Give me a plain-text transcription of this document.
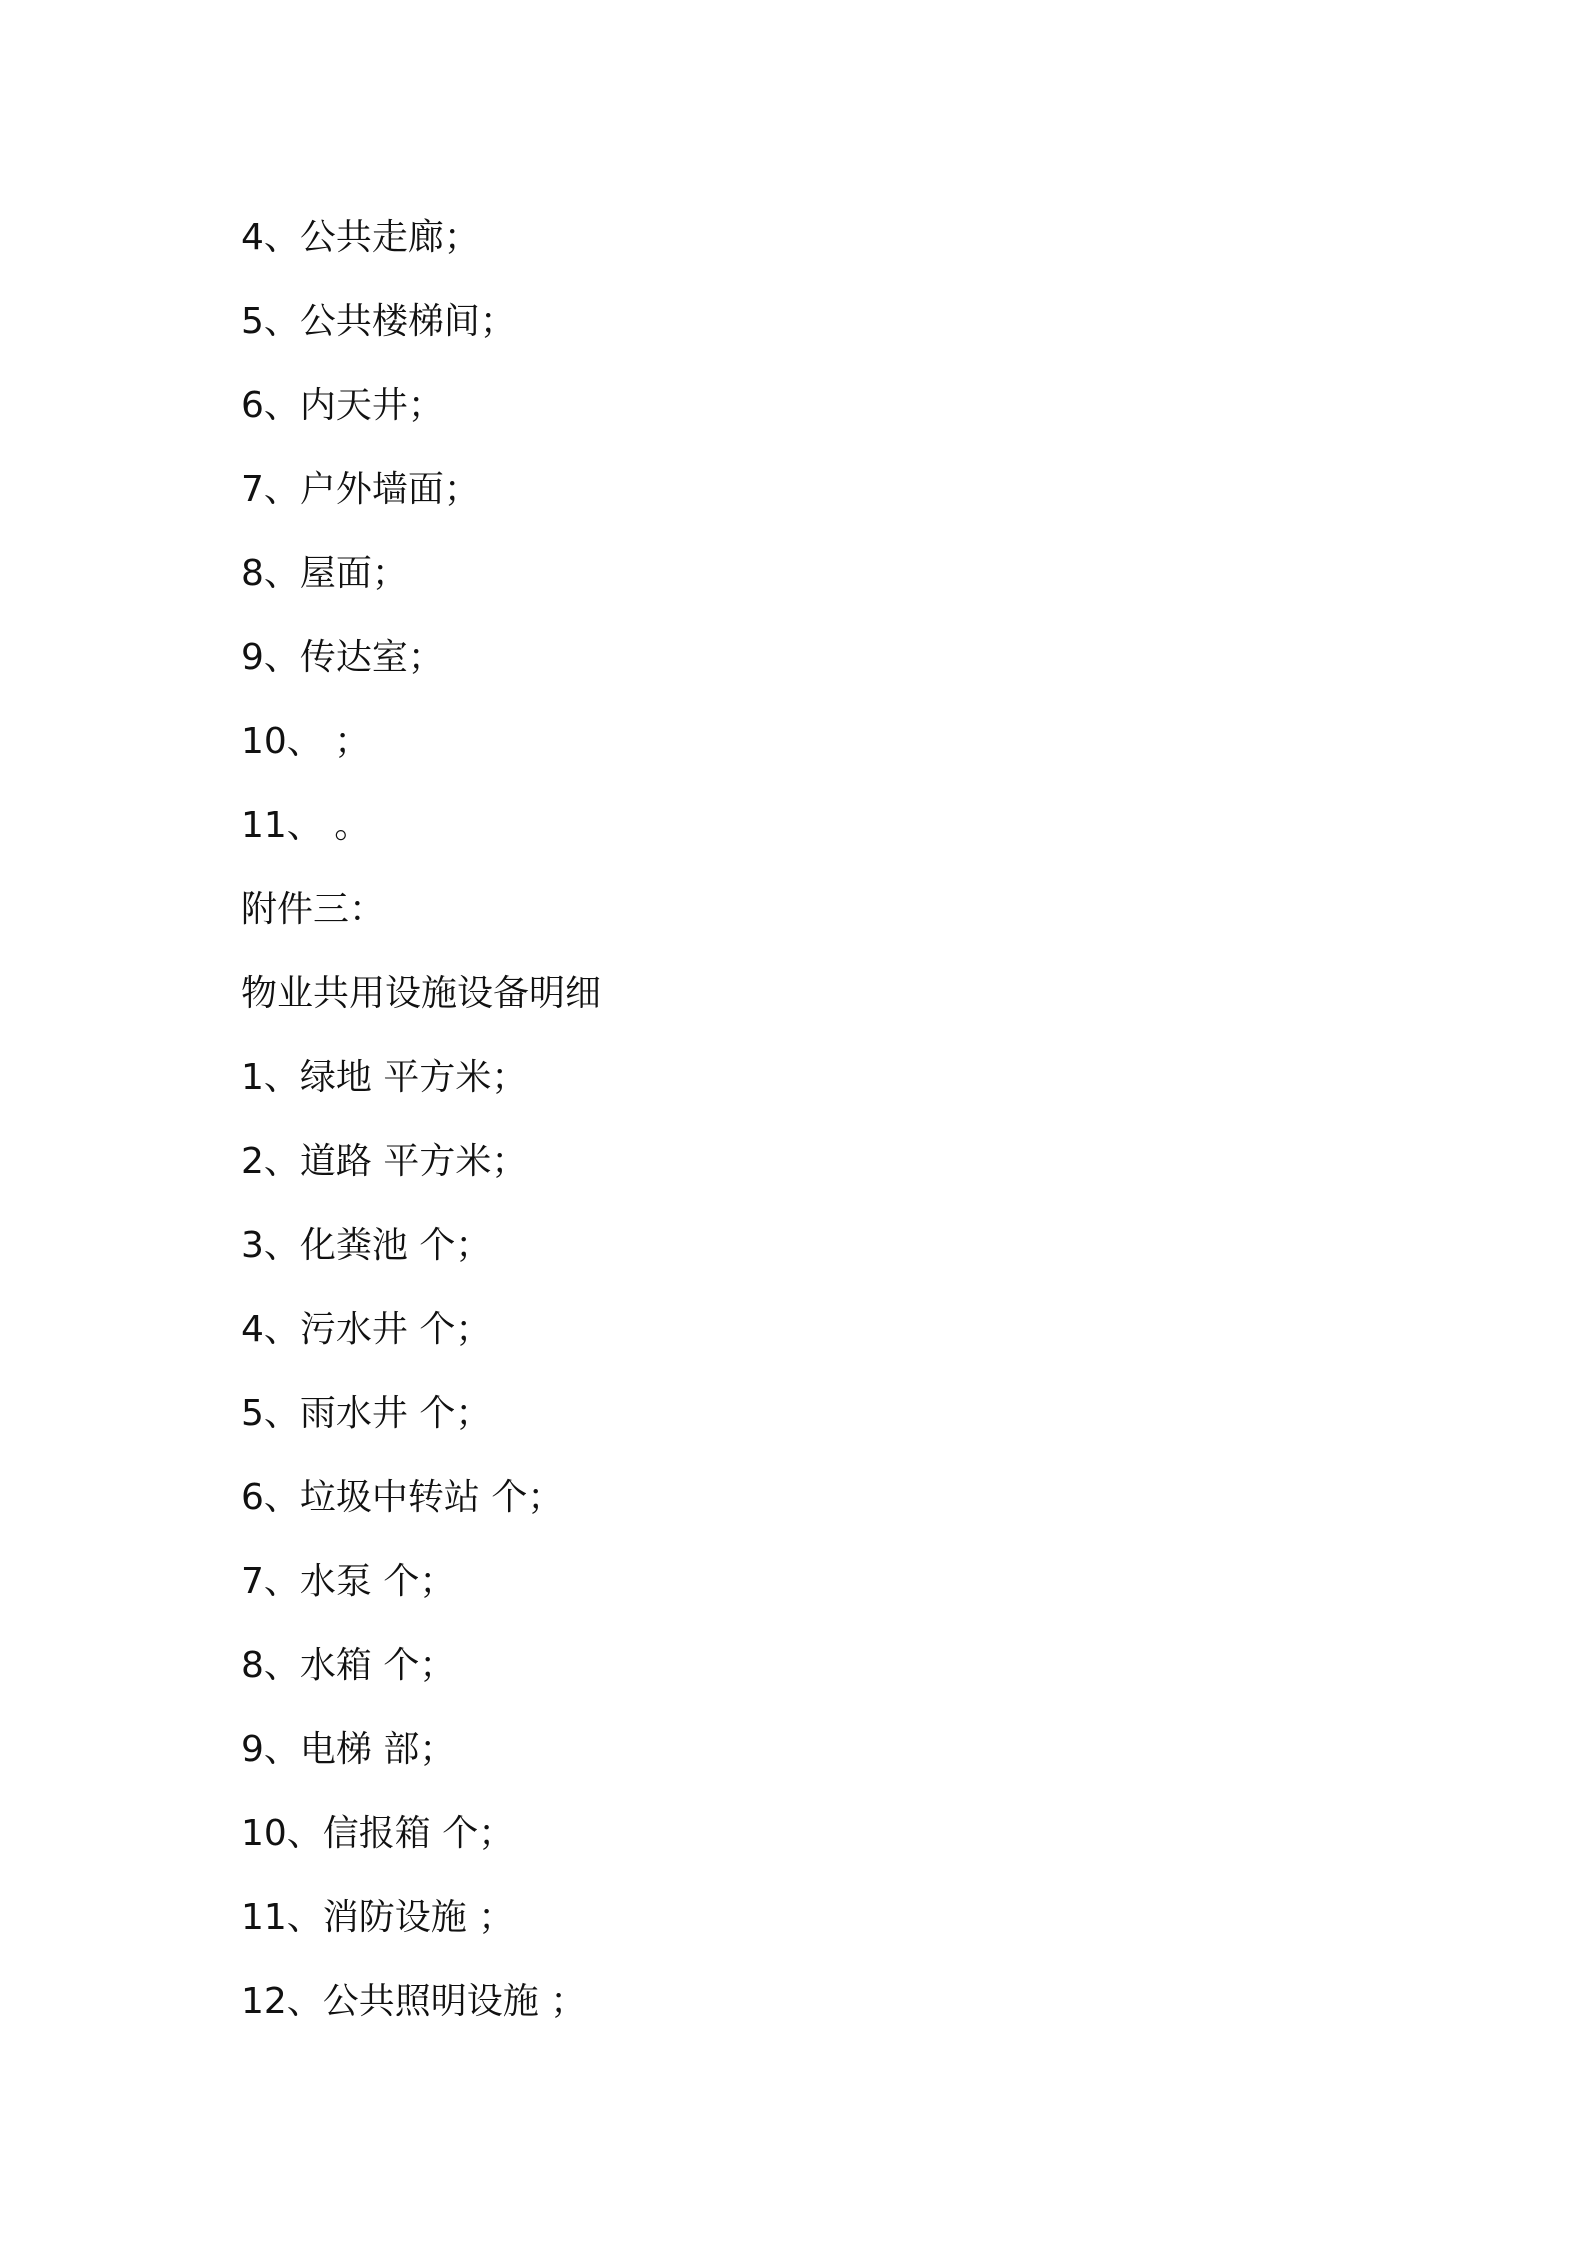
4、公共走廊；

5、公共楼梯间；

6、内天井；

7、户外墙面；

8、屋面；

9、传达室；

10、 ；

11、 。

附件三：

物业共用设施设备明细

1、绿地 平方米；

2、道路 平方米；

3、化粪池 个；

4、污水井 个；

5、雨水井 个；

6、垃圾中转站 个；

7、水泵 个；

8、水箱 个；

9、电梯 部；

10、信报箱 个；

11、消防设施 ；

12、公共照明设施 ；
